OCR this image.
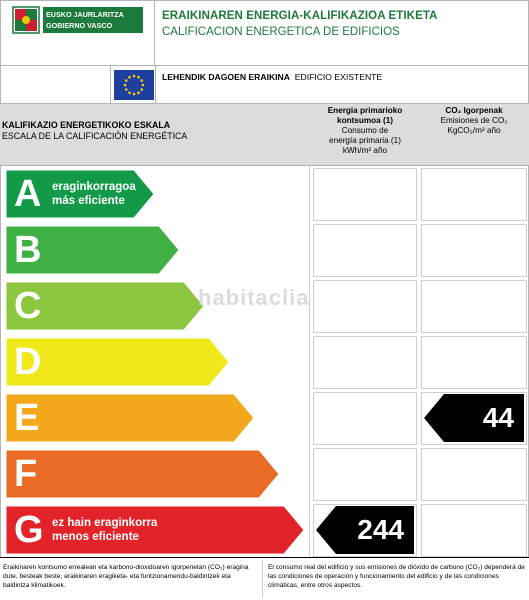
EUSKO JAURLARITZA
GOBIERNO VASCO
ERAIKINAREN ENERGIA-KALIFIKAZIOA ETIKETA
CALIFICACION ENERGETICA DE EDIFICIOS
LEHENDIK DAGOEN ERAIKINA EDIFICIO EXISTENTE
KALIFIKAZIO ENERGETIKOKO ESKALA
ESCALA DE LA CALIFICACIÓN ENERGÉTICA
Energia primarioko
kontsumoa (1)
Consumo de
energía primaria (1)
kWh/m² año
CO₂ Igorpenak
Emisiones de CO₂
KgCO₂/m² año
A eraginkorragoa
más eficiente
B
C
D
E	44
F
G ez hain eraginkorra
menos eficiente	244
habitaclia
Eraikinaren kontsumo errealean eta karbono-dioxidoaren igorpenetan (CO₂) eragina dute, besteak beste, eraikinaren eragiketa- eta funtzionamendu-baldintzek eta baldintza klimatikoek.
El consumo real del edificio y sus emisiones de dióxido de carbono (CO₂) dependerá de las condiciones de operación y funcionamiento del edificio y de las condiciones climáticas, entre otros aspectos.
